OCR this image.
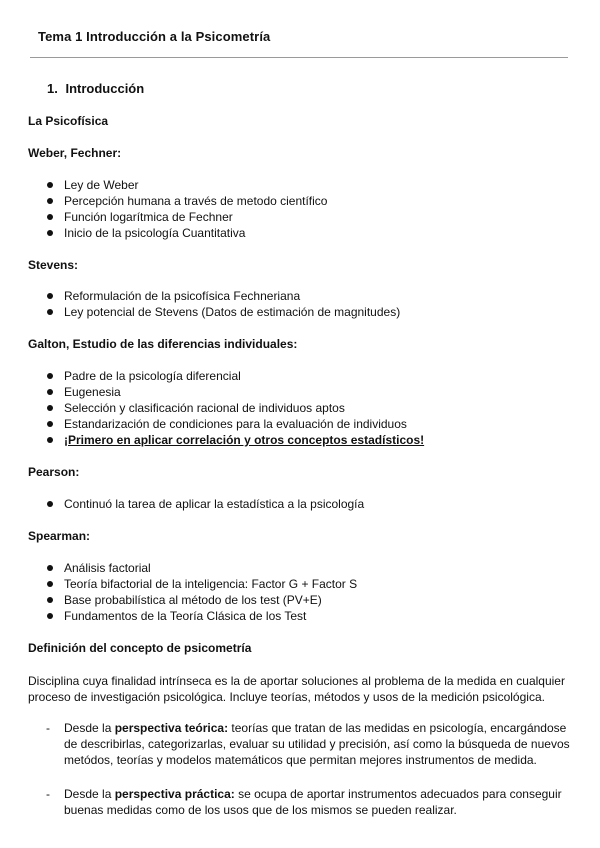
Tema 1 Introducción a la Psicometría
1. Introducción
La Psicofísica
Weber, Fechner:
Ley de Weber
Percepción humana a través de metodo científico
Función logarítmica de Fechner
Inicio de la psicología Cuantitativa
Stevens:
Reformulación de la psicofísica Fechneriana
Ley potencial de Stevens (Datos de estimación de magnitudes)
Galton, Estudio de las diferencias individuales:
Padre de la psicología diferencial
Eugenesia
Selección y clasificación racional de individuos aptos
Estandarización de condiciones para la evaluación de individuos
¡Primero en aplicar correlación y otros conceptos estadísticos!
Pearson:
Continuó la tarea de aplicar la estadística a la psicología
Spearman:
Análisis factorial
Teoría bifactorial de la inteligencia: Factor G + Factor S
Base probabilística al método de los test (PV+E)
Fundamentos de la Teoría Clásica de los Test
Definición del concepto de psicometría
Disciplina cuya finalidad intrínseca es la de aportar soluciones al problema de la medida en cualquier proceso de investigación psicológica. Incluye teorías, métodos y usos de la medición psicológica.
-	Desde la perspectiva teórica: teorías que tratan de las medidas en psicología, encargándose de describirlas, categorizarlas, evaluar su utilidad y precisión, así como la búsqueda de nuevos metódos, teorías y modelos matemáticos que permitan mejores instrumentos de medida.
-	Desde la perspectiva práctica: se ocupa de aportar instrumentos adecuados para conseguir buenas medidas como de los usos que de los mismos se pueden realizar.
